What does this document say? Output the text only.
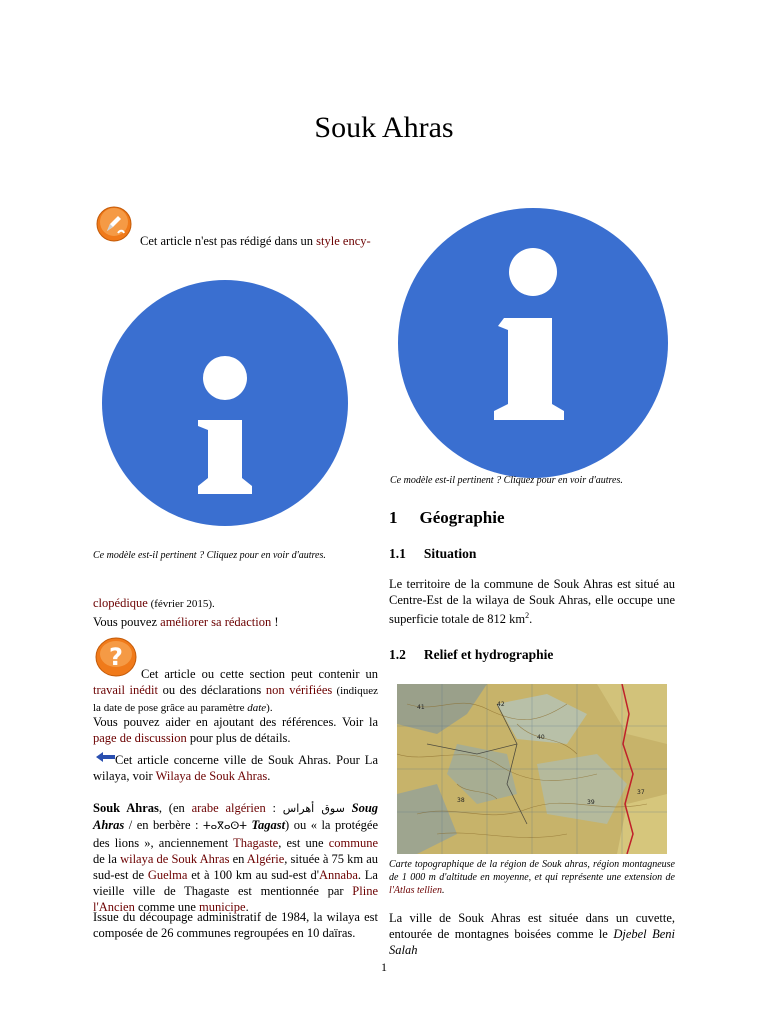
Souk Ahras
Cet article n'est pas rédigé dans un style ency-
Ce modèle est-il pertinent ? Cliquez pour en voir d'autres.
clopédique (février 2015).
Vous pouvez améliorer sa rédaction !
?
Cet article ou cette section peut contenir un travail inédit ou des déclarations non vérifiées (indiquez la date de pose grâce au paramètre date).
Vous pouvez aider en ajoutant des références. Voir la page de discussion pour plus de détails.
Cet article concerne ville de Souk Ahras. Pour La wilaya, voir Wilaya de Souk Ahras.
Souk Ahras, (en arabe algérien : سوق أهراس Soug Ahras / en berbère : ⵜⴰⴳⴰⵙⵜ Tagast) ou « la protégée des lions », anciennement Thagaste, est une commune de la wilaya de Souk Ahras en Algérie, située à 75 km au sud-est de Guelma et à 100 km au sud-est d'Annaba. La vieille ville de Thagaste est mentionnée par Pline l'Ancien comme une municipe.
Issue du découpage administratif de 1984, la wilaya est composée de 26 communes regroupées en 10 daïras.
Ce modèle est-il pertinent ? Cliquez pour en voir d'autres.
1 Géographie
1.1 Situation
Le territoire de la commune de Souk Ahras est situé au Centre-Est de la wilaya de Souk Ahras, elle occupe une superficie totale de 812 $km^2$.
1.2 Relief et hydrographie
41	42
40
38	39
37
Carte topographique de la région de Souk ahras, région montagneuse de 1 000 m d'altitude en moyenne, et qui représente une extension de l'Atlas tellien.
La ville de Souk Ahras est située dans un cuvette, entourée de montagnes boisées comme le Djebel Beni Salah
1
